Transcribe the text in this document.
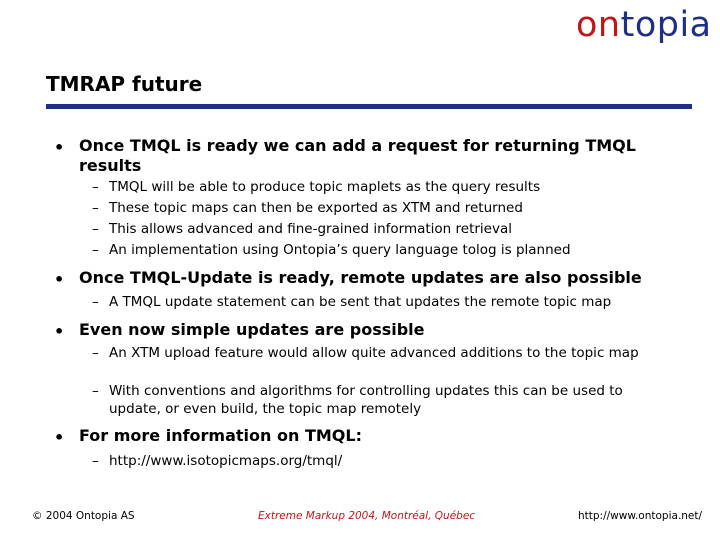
ontopia
TMRAP future
• Once TMQL is ready we can add a request for returning TMQL results
– TMQL will be able to produce topic maplets as the query results
– These topic maps can then be exported as XTM and returned
– This allows advanced and fine-grained information retrieval
– An implementation using Ontopia’s query language tolog is planned
• Once TMQL-Update is ready, remote updates are also possible
– A TMQL update statement can be sent that updates the remote topic map
• Even now simple updates are possible
– An XTM upload feature would allow quite advanced additions to the topic map
– With conventions and algorithms for controlling updates this can be used to update, or even build, the topic map remotely
• For more information on TMQL:
– http://www.isotopicmaps.org/tmql/
© 2004 Ontopia AS	Extreme Markup 2004, Montréal, Québec	http://www.ontopia.net/
